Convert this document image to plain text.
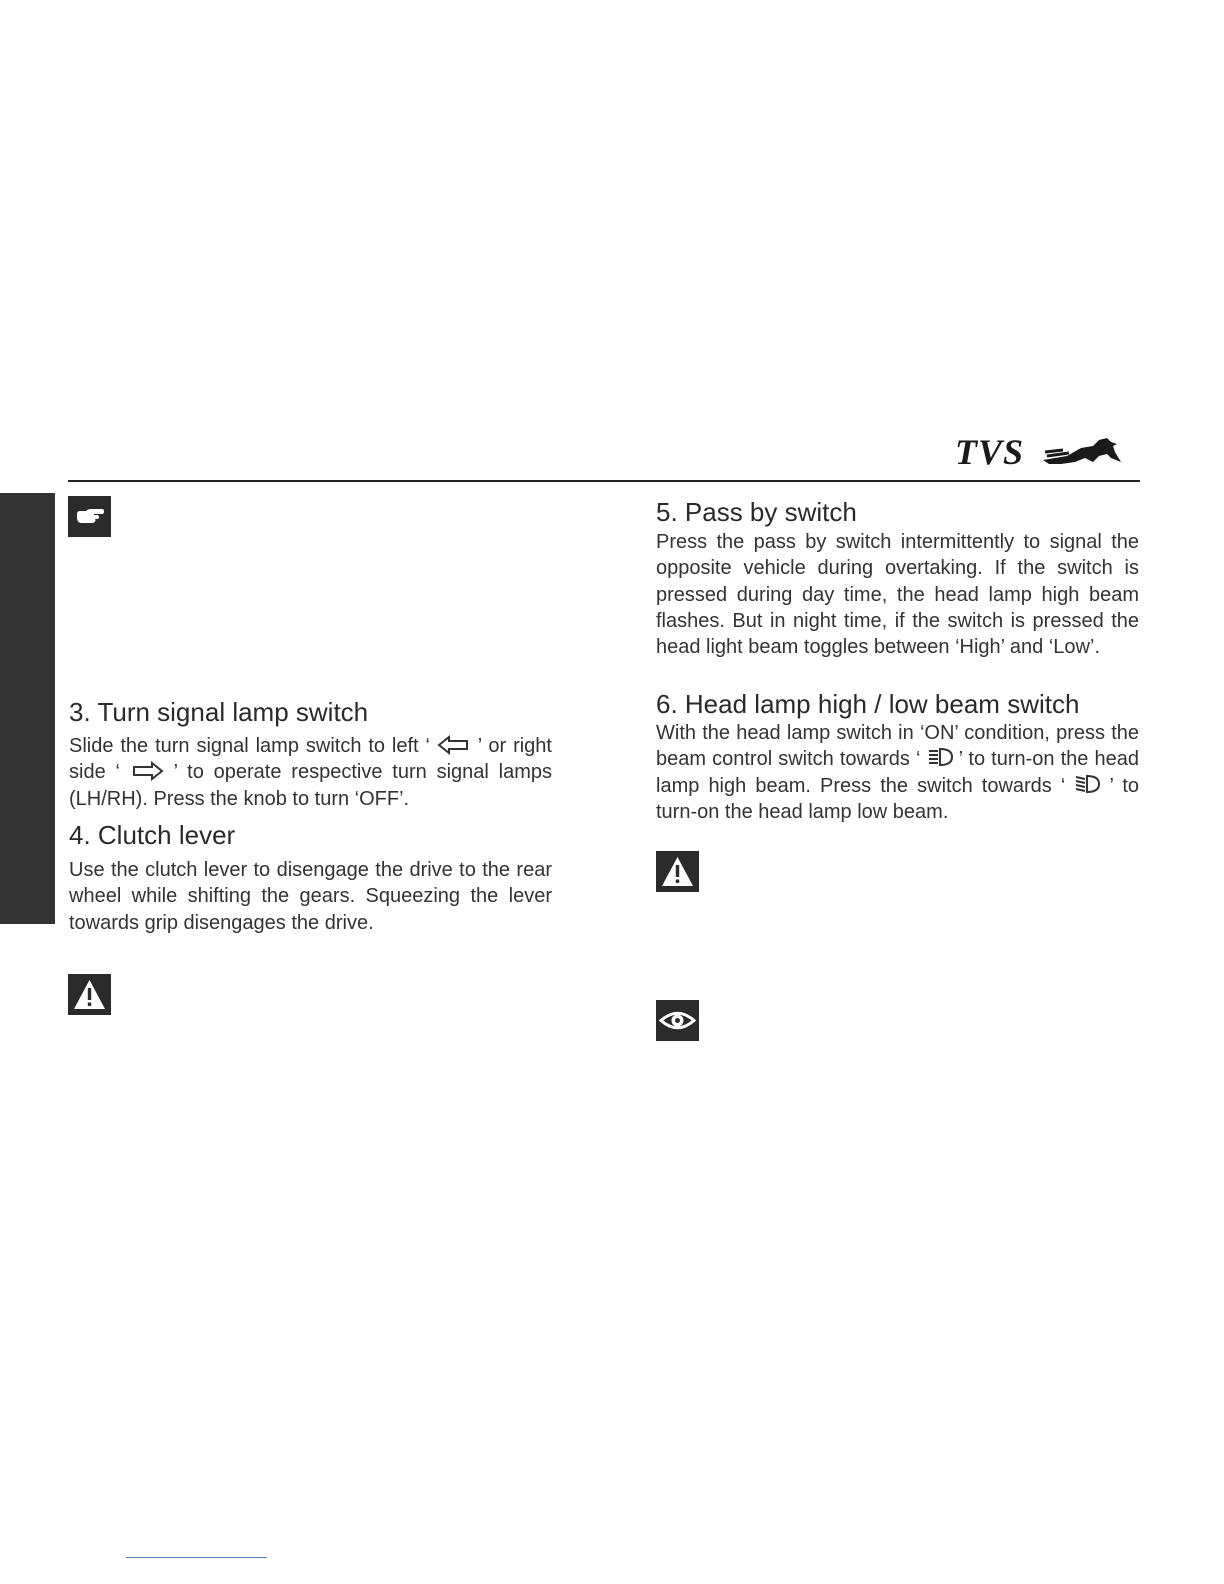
TVS
3. Turn signal lamp switch

Slide the turn signal lamp switch to left ‘ ’ or right side ‘	’ to operate respective turn signal lamps (LH/RH). Press the knob to turn ‘OFF’.

4. Clutch lever

Use the clutch lever to disengage the drive to the rear wheel while shifting the gears. Squeezing the lever towards grip disengages the drive.

5. Pass by switch

Press the pass by switch intermittently to signal the opposite vehicle during overtaking. If the switch is pressed during day time, the head lamp high beam flashes. But in night time, if the switch is pressed the head light beam toggles between ‘High’ and ‘Low’.

6. Head lamp high / low beam switch

With the head lamp switch in ‘ON’ condition, press the beam control switch towards ‘ ’ to turn-on the head lamp high beam. Press the switch towards ‘ ’ to turn-on the head lamp low beam.
